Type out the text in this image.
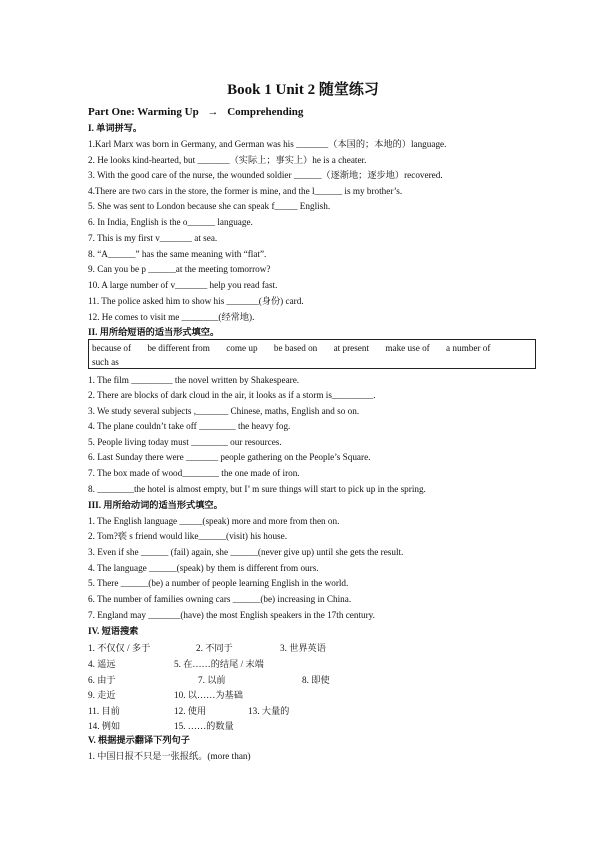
Book 1 Unit 2 随堂练习
Part One: Warming Up → Comprehending
I. 单词拼写。
1.Karl Marx was born in Germany, and German was his _______（本国的；本地的）language.
2. He looks kind-hearted, but _______（实际上；事实上）he is a cheater.
3. With the good care of the nurse, the wounded soldier ______（逐渐地；逐步地）recovered.
4.There are two cars in the store, the former is mine, and the l______ is my brother’s.
5. She was sent to London because she can speak f_____ English.
6. In India, English is the o______ language.
7. This is my first v_______ at sea.
8. “A______” has the same meaning with “flat”.
9. Can you be p ______at the meeting tomorrow?
10. A large number of v_______ help you read fast.
11. The police asked him to show his _______(身份) card.
12. He comes to visit me ________(经常地).
II. 用所给短语的适当形式填空。
because of be different from come up be based on at present make use of a number of
such as
1. The film _________ the novel written by Shakespeare.
2. There are blocks of dark cloud in the air, it looks as if a storm is_________.
3. We study several subjects ,_______ Chinese, maths, English and so on.
4. The plane couldn’t take off ________ the heavy fog.
5. People living today must ________ our resources.
6. Last Sunday there were _______ people gathering on the People’s Square.
7. The box made of wood________ the one made of iron.
8. ________the hotel is almost empty, but I’ m sure things will start to pick up in the spring.
III. 用所给动词的适当形式填空。
1. The English language _____(speak) more and more from then on.
2. Tom?亵 s friend would like______(visit) his house.
3. Even if she ______ (fail) again, she ______(never give up) until she gets the result.
4. The language ______(speak) by them is different from ours.
5. There ______(be) a number of people learning English in the world.
6. The number of families owning cars ______(be) increasing in China.
7. England may _______(have) the most English speakers in the 17th century.
IV. 短语搜索
1. 不仅仅 / 多于	2. 不同于	3. 世界英语
4. 遥远	5. 在……的结尾 / 末端
6. 由于	7. 以前	8. 即使
9. 走近	10. 以……为基础
11. 目前	12. 使用	13. 大量的
14. 例如	15. ……的数量
V. 根据提示翻译下列句子
1. 中国日报不只是一张报纸。(more than)
